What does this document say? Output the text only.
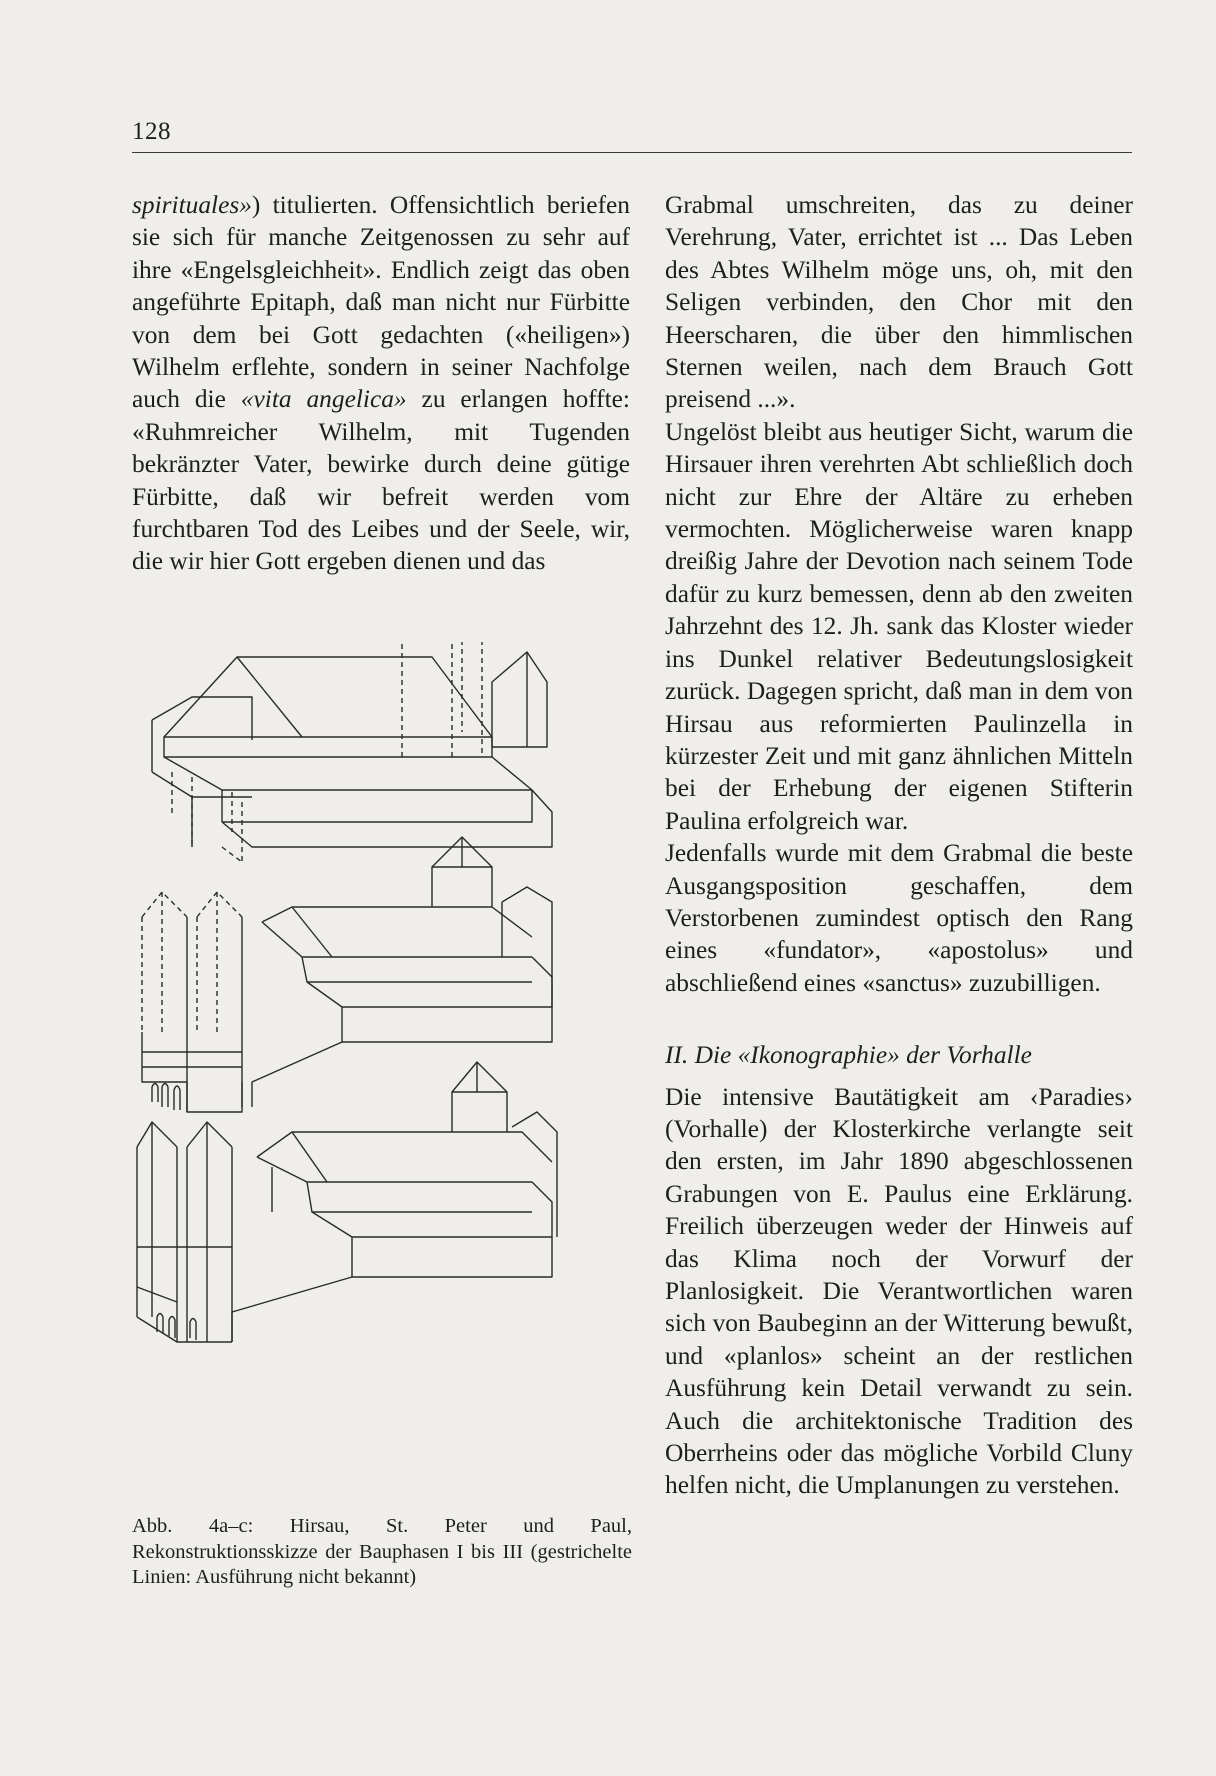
128

spirituales») titulierten. Offensichtlich beriefen sie sich für manche Zeitgenossen zu sehr auf ihre «Engelsgleichheit». Endlich zeigt das oben angeführte Epitaph, daß man nicht nur Fürbitte von dem bei Gott gedachten («heiligen») Wilhelm erflehte, sondern in seiner Nachfolge auch die «vita angelica» zu erlangen hoffte: «Ruhmreicher Wilhelm, mit Tugenden bekränzter Vater, bewirke durch deine gütige Fürbitte, daß wir befreit werden vom furchtbaren Tod des Leibes und der Seele, wir, die wir hier Gott ergeben dienen und das

Abb. 4a–c: Hirsau, St. Peter und Paul, Rekonstruktionsskizze der Bauphasen I bis III (gestrichelte Linien: Ausführung nicht bekannt)

Grabmal umschreiten, das zu deiner Verehrung, Vater, errichtet ist ... Das Leben des Abtes Wilhelm möge uns, oh, mit den Seligen verbinden, den Chor mit den Heerscharen, die über den himmlischen Sternen weilen, nach dem Brauch Gott preisend ...».

Ungelöst bleibt aus heutiger Sicht, warum die Hirsauer ihren verehrten Abt schließlich doch nicht zur Ehre der Altäre zu erheben vermochten. Möglicherweise waren knapp dreißig Jahre der Devotion nach seinem Tode dafür zu kurz bemessen, denn ab den zweiten Jahrzehnt des 12. Jh. sank das Kloster wieder ins Dunkel relativer Bedeutungslosigkeit zurück. Dagegen spricht, daß man in dem von Hirsau aus reformierten Paulinzella in kürzester Zeit und mit ganz ähnlichen Mitteln bei der Erhebung der eigenen Stifterin Paulina erfolgreich war.

Jedenfalls wurde mit dem Grabmal die beste Ausgangsposition geschaffen, dem Verstorbenen zumindest optisch den Rang eines «fundator», «apostolus» und abschließend eines «sanctus» zuzubilligen.

II. Die «Ikonographie» der Vorhalle

Die intensive Bautätigkeit am ‹Paradies› (Vorhalle) der Klosterkirche verlangte seit den ersten, im Jahr 1890 abgeschlossenen Grabungen von E. Paulus eine Erklärung. Freilich überzeugen weder der Hinweis auf das Klima noch der Vorwurf der Planlosigkeit. Die Verantwortlichen waren sich von Baubeginn an der Witterung bewußt, und «planlos» scheint an der restlichen Ausführung kein Detail verwandt zu sein. Auch die architektonische Tradition des Oberrheins oder das mögliche Vorbild Cluny helfen nicht, die Umplanungen zu verstehen.
